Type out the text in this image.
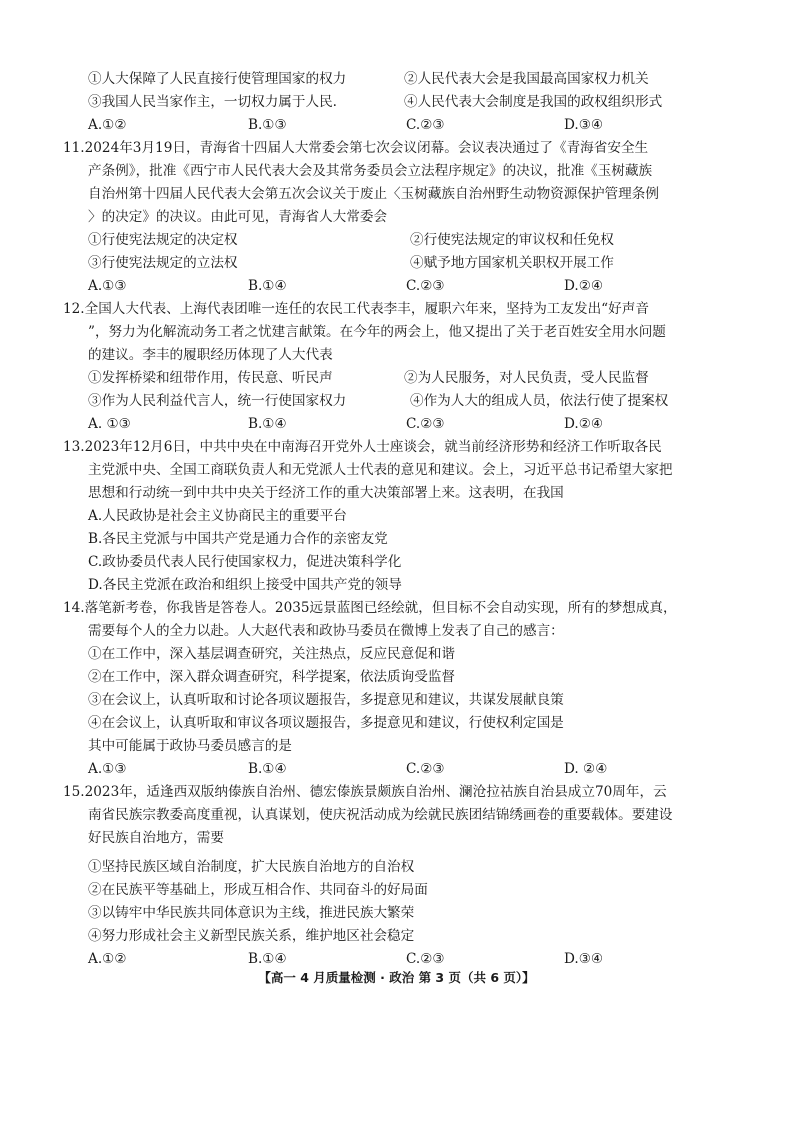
①人大保障了人民直接行使管理国家的权力	②人民代表大会是我国最高国家权力机关
③我国人民当家作主，一切权力属于人民.	④人民代表大会制度是我国的政权组织形式
A.①②	B.①③	C.②③	D.③④
11.2024年3月19日，青海省十四届人大常委会第七次会议闭幕。会议表决通过了《青海省安全生
产条例》，批准《西宁市人民代表大会及其常务委员会立法程序规定》的决议，批准《玉树藏族
自治州第十四届人民代表大会第五次会议关于废止〈玉树藏族自治州野生动物资源保护管理条例
〉的决定》的决议。由此可见，青海省人大常委会
①行使宪法规定的决定权	②行使宪法规定的审议权和任免权
③行使宪法规定的立法权	④赋予地方国家机关职权开展工作
A.①③	B.①④	C.②③	D.②④
12.全国人大代表、上海代表团唯一连任的农民工代表李丰，履职六年来，坚持为工友发出“好声音
”，努力为化解流动务工者之忧建言献策。在今年的两会上，他又提出了关于老百姓安全用水问题
的建议。李丰的履职经历体现了人大代表
①发挥桥梁和纽带作用，传民意、听民声	②为人民服务，对人民负责，受人民监督
③作为人民利益代言人，统一行使国家权力	④作为人大的组成人员，依法行使了提案权
A. ①③	B.①④	C.②③	D.②④
13.2023年12月6日，中共中央在中南海召开党外人士座谈会，就当前经济形势和经济工作听取各民
主党派中央、全国工商联负责人和无党派人士代表的意见和建议。会上，习近平总书记希望大家把
思想和行动统一到中共中央关于经济工作的重大决策部署上来。这表明，在我国
A.人民政协是社会主义协商民主的重要平台
B.各民主党派与中国共产党是通力合作的亲密友党
C.政协委员代表人民行使国家权力，促进决策科学化
D.各民主党派在政治和组织上接受中国共产党的领导
14.落笔新考卷，你我皆是答卷人。2035远景蓝图已经绘就，但目标不会自动实现，所有的梦想成真，
需要每个人的全力以赴。人大赵代表和政协马委员在微博上发表了自己的感言：
①在工作中，深入基层调查研究，关注热点，反应民意促和谐
②在工作中，深入群众调查研究，科学提案，依法质询受监督
③在会议上，认真听取和讨论各项议题报告，多提意见和建议，共谋发展献良策
④在会议上，认真听取和审议各项议题报告，多提意见和建议，行使权利定国是
其中可能属于政协马委员感言的是
A.①③	B.①④	C.②③	D. ②④
15.2023年，适逢西双版纳傣族自治州、德宏傣族景颇族自治州、澜沧拉祜族自治县成立70周年，云
南省民族宗教委高度重视，认真谋划，使庆祝活动成为绘就民族团结锦绣画卷的重要载体。要建设
好民族自治地方，需要
①坚持民族区域自治制度，扩大民族自治地方的自治权
②在民族平等基础上，形成互相合作、共同奋斗的好局面
③以铸牢中华民族共同体意识为主线，推进民族大繁荣
④努力形成社会主义新型民族关系，维护地区社会稳定
A.①②	B.①④	C.②③	D.③④
【高一 4 月质量检测 · 政治 第 3 页（共 6 页）】
